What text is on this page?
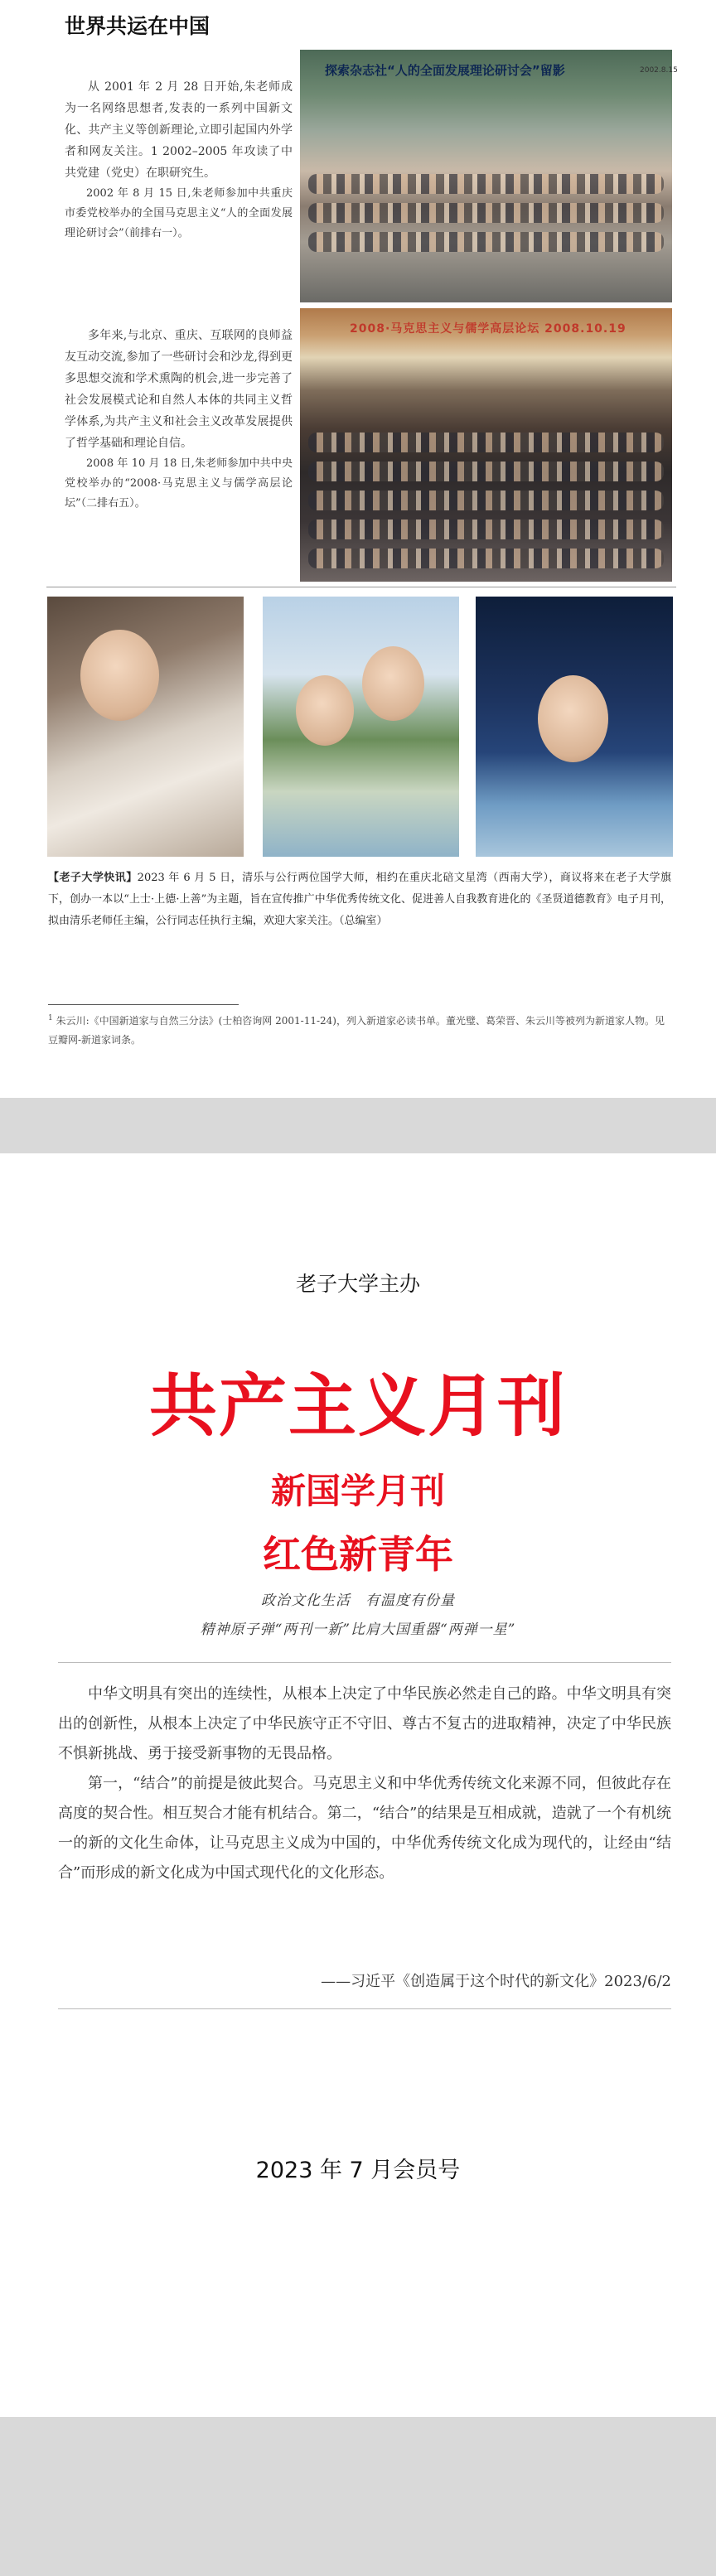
世界共运在中国

从 2001 年 2 月 28 日开始,朱老师成为一名网络思想者,发表的一系列中国新文化、共产主义等创新理论,立即引起国内外学者和网友关注。1 2002–2005 年攻读了中共党建（党史）在职研究生。

2002 年 8 月 15 日,朱老师参加中共重庆市委党校举办的全国马克思主义“人的全面发展理论研讨会”（前排右一）。

多年来,与北京、重庆、互联网的良师益友互动交流,参加了一些研讨会和沙龙,得到更多思想交流和学术熏陶的机会,进一步完善了社会发展模式论和自然人本体的共同主义哲学体系,为共产主义和社会主义改革发展提供了哲学基础和理论自信。

2008 年 10 月 18 日,朱老师参加中共中央党校举办的“2008·马克思主义与儒学高层论坛”（二排右五）。

探索杂志社“人的全面发展理论研讨会”留影	2002.8.15
2008·马克思主义与儒学高层论坛 2008.10.19
【老子大学快讯】2023 年 6 月 5 日，清乐与公行两位国学大师，相约在重庆北碚文星湾（西南大学），商议将来在老子大学旗下，创办一本以“上士·上德·上善”为主题，旨在宣传推广中华优秀传统文化、促进善人自我教育进化的《圣贤道德教育》电子月刊，拟由清乐老师任主编，公行同志任执行主编，欢迎大家关注。（总编室）
$^1$ 朱云川:《中国新道家与自然三分法》(士柏咨询网 2001-11-24)，列入新道家必读书单。董光璧、葛荣晋、朱云川等被列为新道家人物。见豆瓣网-新道家词条。
老子大学主办
共产主义月刊
新国学月刊
红色新青年
政治文化生活　有温度有份量
精神原子弹“两刊一新”比肩大国重器“两弹一星”

中华文明具有突出的连续性，从根本上决定了中华民族必然走自己的路。中华文明具有突出的创新性，从根本上决定了中华民族守正不守旧、尊古不复古的进取精神，决定了中华民族不惧新挑战、勇于接受新事物的无畏品格。

第一，“结合”的前提是彼此契合。马克思主义和中华优秀传统文化来源不同，但彼此存在高度的契合性。相互契合才能有机结合。第二，“结合”的结果是互相成就，造就了一个有机统一的新的文化生命体，让马克思主义成为中国的，中华优秀传统文化成为现代的，让经由“结合”而形成的新文化成为中国式现代化的文化形态。

——习近平《创造属于这个时代的新文化》2023/6/2
2023 年 7 月会员号
